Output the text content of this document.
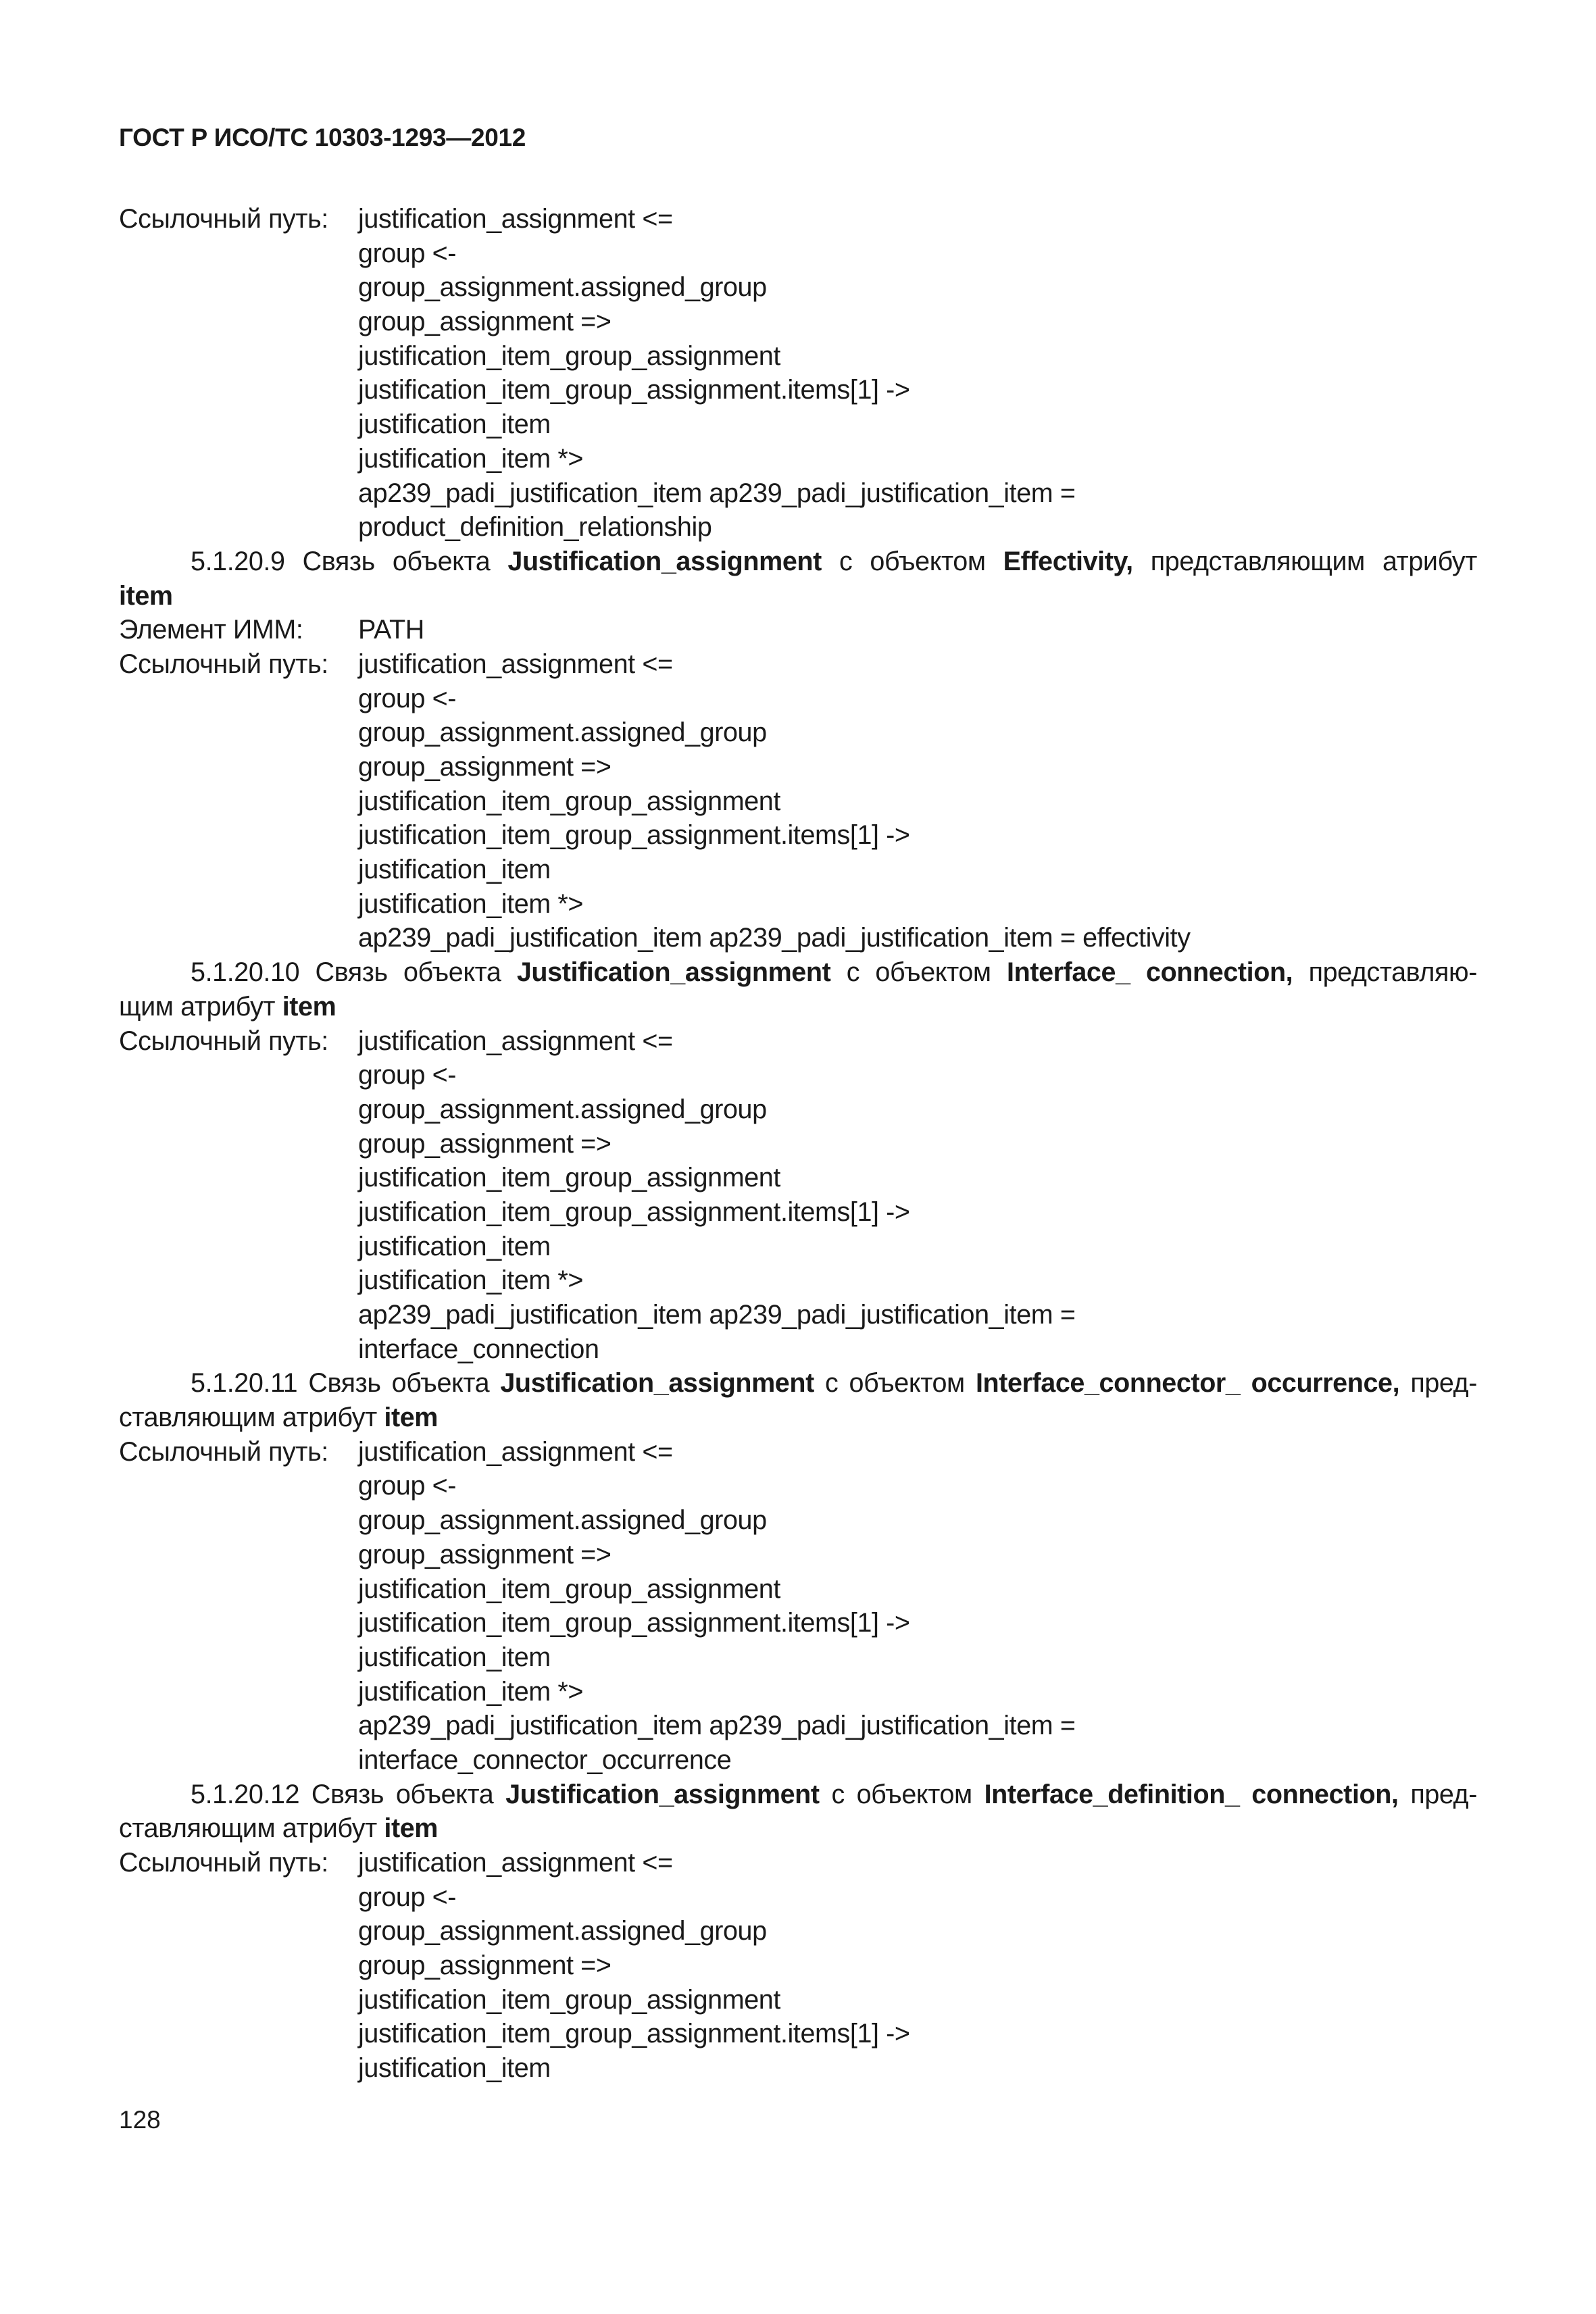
ГОСТ Р ИСО/ТС 10303-1293—2012
Ссылочный путь: justification_assignment <=
group <-
group_assignment.assigned_group
group_assignment =>
justification_item_group_assignment
justification_item_group_assignment.items[1] ->
justification_item
justification_item *>
ap239_padi_justification_item ap239_padi_justification_item =
product_definition_relationship
5.1.20.9 Связь объекта Justification_assignment с объектом Effectivity, представляющим атрибут
item
Элемент ИММ: PATH
Ссылочный путь: justification_assignment <=
group <-
group_assignment.assigned_group
group_assignment =>
justification_item_group_assignment
justification_item_group_assignment.items[1] ->
justification_item
justification_item *>
ap239_padi_justification_item ap239_padi_justification_item = effectivity
5.1.20.10 Связь объекта Justification_assignment с объектом Interface_ connection, представляю-
щим атрибут item
Ссылочный путь: justification_assignment <=
group <-
group_assignment.assigned_group
group_assignment =>
justification_item_group_assignment
justification_item_group_assignment.items[1] ->
justification_item
justification_item *>
ap239_padi_justification_item ap239_padi_justification_item =
interface_connection
5.1.20.11 Связь объекта Justification_assignment с объектом Interface_connector_ occurrence, пред-
ставляющим атрибут item
Ссылочный путь: justification_assignment <=
group <-
group_assignment.assigned_group
group_assignment =>
justification_item_group_assignment
justification_item_group_assignment.items[1] ->
justification_item
justification_item *>
ap239_padi_justification_item ap239_padi_justification_item =
interface_connector_occurrence
5.1.20.12 Связь объекта Justification_assignment с объектом Interface_definition_ connection, пред-
ставляющим атрибут item
Ссылочный путь: justification_assignment <=
group <-
group_assignment.assigned_group
group_assignment =>
justification_item_group_assignment
justification_item_group_assignment.items[1] ->
justification_item
128
